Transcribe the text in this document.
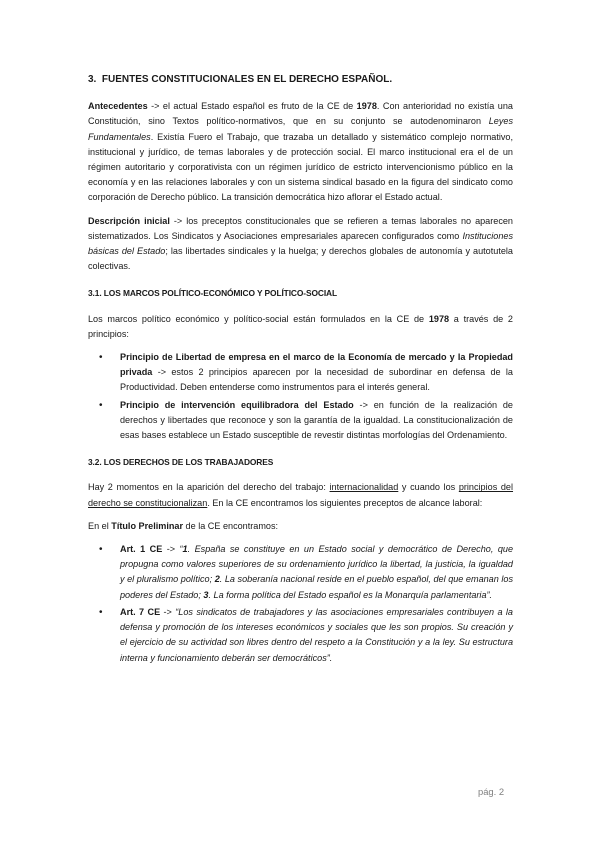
3. FUENTES CONSTITUCIONALES EN EL DERECHO ESPAÑOL.

Antecedentes -> el actual Estado español es fruto de la CE de 1978. Con anterioridad no existía una Constitución, sino Textos político-normativos, que en su conjunto se autodenominaron Leyes Fundamentales. Existía Fuero el Trabajo, que trazaba un detallado y sistemático complejo normativo, institucional y jurídico, de temas laborales y de protección social. El marco institucional era el de un régimen autoritario y corporativista con un régimen jurídico de estricto intervencionismo público en la economía y en las relaciones laborales y con un sistema sindical basado en la figura del sindicato como corporación de Derecho público. La transición democrática hizo aflorar el Estado actual.

Descripción inicial -> los preceptos constitucionales que se refieren a temas laborales no aparecen sistematizados. Los Sindicatos y Asociaciones empresariales aparecen configurados como Instituciones básicas del Estado; las libertades sindicales y la huelga; y derechos globales de autonomía y autotutela colectivas.

3.1. LOS MARCOS POLÍTICO-ECONÓMICO Y POLÍTICO-SOCIAL

Los marcos político económico y político-social están formulados en la CE de 1978 a través de 2 principios:

• Principio de Libertad de empresa en el marco de la Economía de mercado y la Propiedad privada -> estos 2 principios aparecen por la necesidad de subordinar en defensa de la Productividad. Deben entenderse como instrumentos para el interés general.

• Principio de intervención equilibradora del Estado -> en función de la realización de derechos y libertades que reconoce y son la garantía de la igualdad. La constitucionalización de esas bases establece un Estado susceptible de revestir distintas morfologías del Ordenamiento.

3.2. LOS DERECHOS DE LOS TRABAJADORES

Hay 2 momentos en la aparición del derecho del trabajo: internacionalidad y cuando los principios del derecho se constitucionalizan. En la CE encontramos los siguientes preceptos de alcance laboral:

En el Título Preliminar de la CE encontramos:

• Art. 1 CE -> “1. España se constituye en un Estado social y democrático de Derecho, que propugna como valores superiores de su ordenamiento jurídico la libertad, la justicia, la igualdad y el pluralismo político; 2. La soberanía nacional reside en el pueblo español, del que emanan los poderes del Estado; 3. La forma política del Estado español es la Monarquía parlamentaria”.

• Art. 7 CE -> “Los sindicatos de trabajadores y las asociaciones empresariales contribuyen a la defensa y promoción de los intereses económicos y sociales que les son propios. Su creación y el ejercicio de su actividad son libres dentro del respeto a la Constitución y a la ley. Su estructura interna y funcionamiento deberán ser democráticos”.

pág. 2
